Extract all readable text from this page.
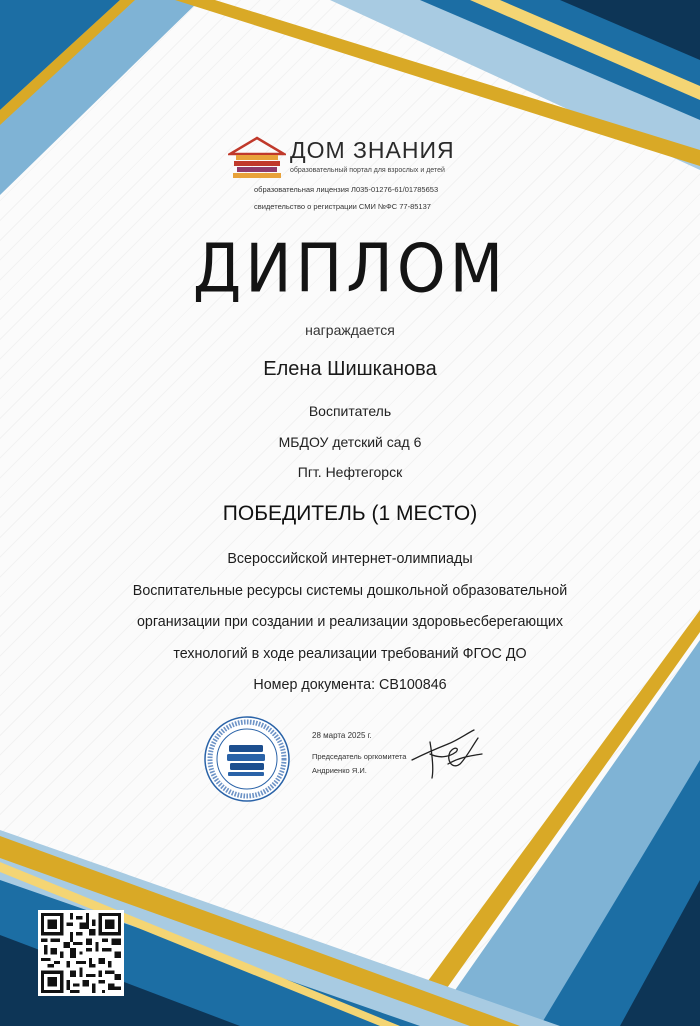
ДОМ ЗНАНИЯ
образовательный портал для взрослых и детей
образовательная лицензия Л035-01276-61/01785653
свидетельство о регистрации СМИ №ФС 77-85137
ДИПЛОМ
награждается
Елена Шишканова
Воспитатель
МБДОУ детский сад 6
Пгт. Нефтегорск
ПОБЕДИТЕЛЬ (1 МЕСТО)
Всероссийской интернет-олимпиады
Воспитательные ресурсы системы дошкольной образовательной
организации при создании и реализации здоровьесберегающих
технологий в ходе реализации требований ФГОС ДО
Номер документа: СВ100846
28 марта 2025 г.
Председатель оргкомитета
Андриенко Я.И.
